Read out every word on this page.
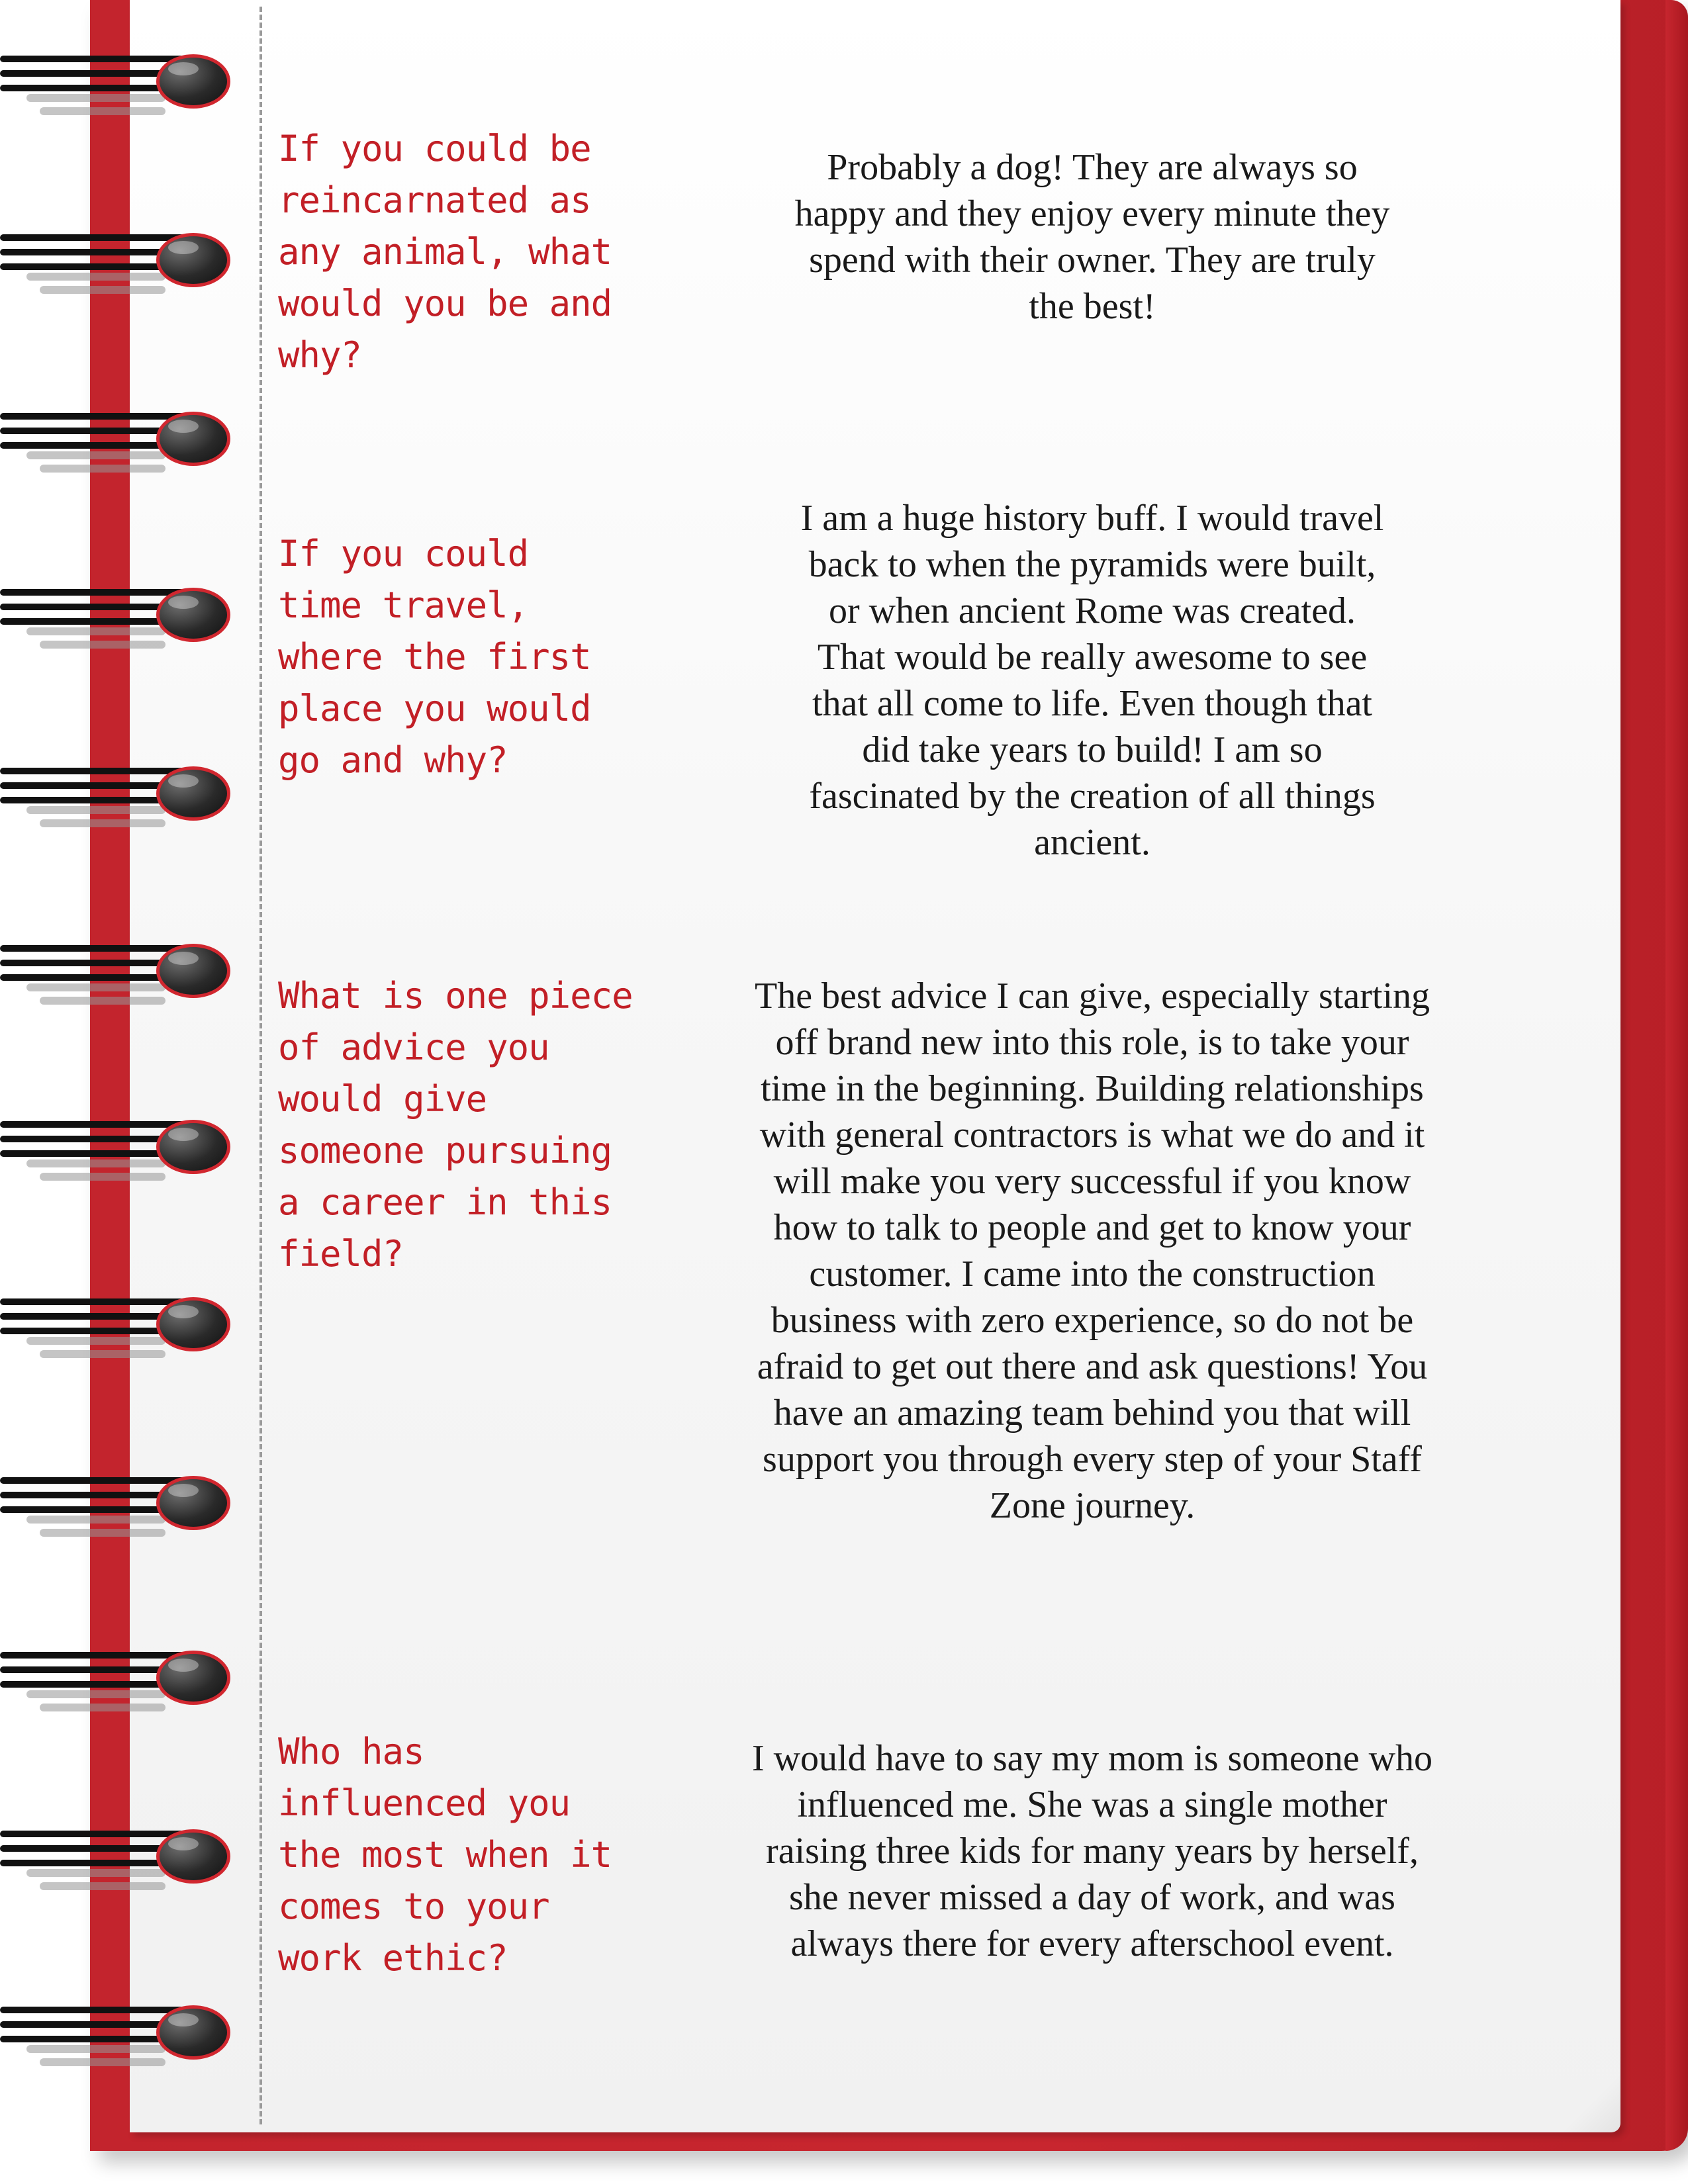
If you could be
reincarnated as
any animal, what
would you be and
why?
Probably a dog! They are always so
happy and they enjoy every minute they
spend with their owner. They are truly
the best!
If you could
time travel,
where the first
place you would
go and why?
I am a huge history buff. I would travel
back to when the pyramids were built,
or when ancient Rome was created.
That would be really awesome to see
that all come to life. Even though that
did take years to build! I am so
fascinated by the creation of all things
ancient.
What is one piece
of advice you
would give
someone pursuing
a career in this
field?
The best advice I can give, especially starting
off brand new into this role, is to take your
time in the beginning. Building relationships
with general contractors is what we do and it
will make you very successful if you know
how to talk to people and get to know your
customer. I came into the construction
business with zero experience, so do not be
afraid to get out there and ask questions! You
have an amazing team behind you that will
support you through every step of your Staff
Zone journey.
Who has
influenced you
the most when it
comes to your
work ethic?
I would have to say my mom is someone who
influenced me. She was a single mother
raising three kids for many years by herself,
she never missed a day of work, and was
always there for every afterschool event.
